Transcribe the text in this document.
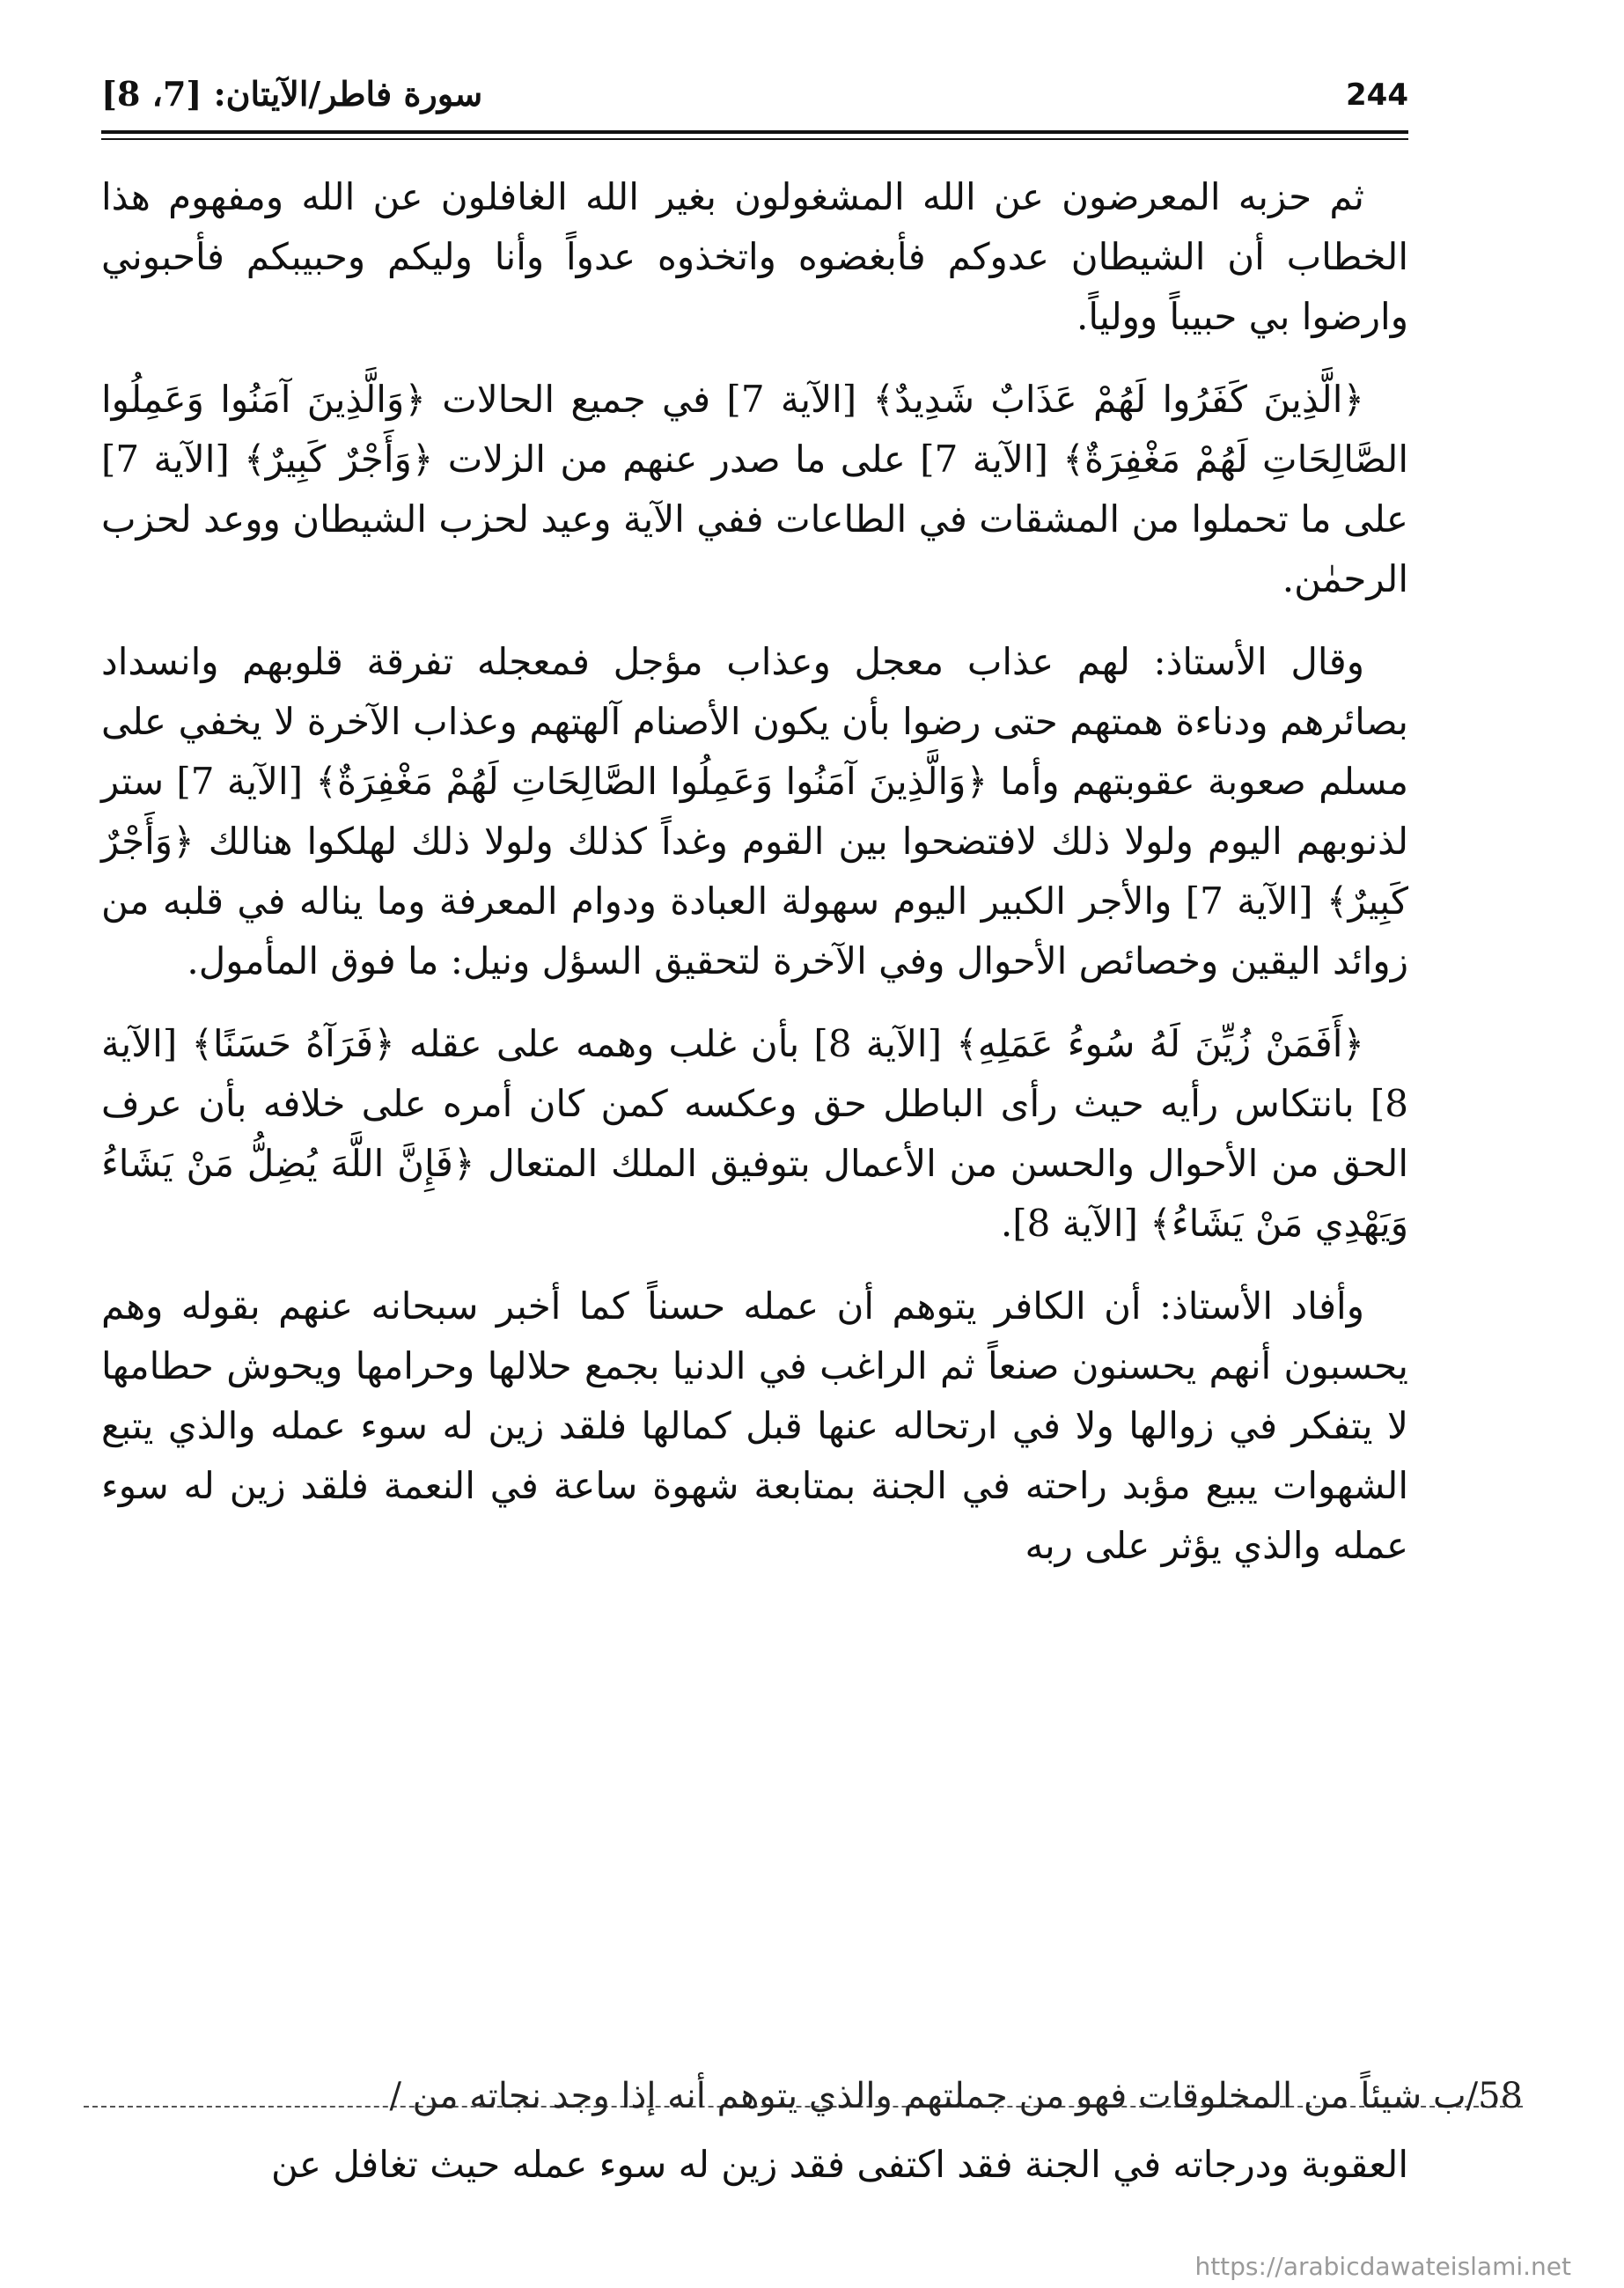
244
سورة فاطر/الآيتان: [7، 8]

ثم حزبه المعرضون عن الله المشغولون بغير الله الغافلون عن الله ومفهوم هذا الخطاب أن الشيطان عدوكم فأبغضوه واتخذوه عدواً وأنا وليكم وحبيبكم فأحبوني وارضوا بي حبيباً وولياً.

﴿الَّذِينَ كَفَرُوا لَهُمْ عَذَابٌ شَدِيدٌ﴾ [الآية 7] في جميع الحالات ﴿وَالَّذِينَ آمَنُوا وَعَمِلُوا الصَّالِحَاتِ لَهُمْ مَغْفِرَةٌ﴾ [الآية 7] على ما صدر عنهم من الزلات ﴿وَأَجْرٌ كَبِيرٌ﴾ [الآية 7] على ما تحملوا من المشقات في الطاعات ففي الآية وعيد لحزب الشيطان ووعد لحزب الرحمٰن.

وقال الأستاذ: لهم عذاب معجل وعذاب مؤجل فمعجله تفرقة قلوبهم وانسداد بصائرهم ودناءة همتهم حتى رضوا بأن يكون الأصنام آلهتهم وعذاب الآخرة لا يخفي على مسلم صعوبة عقوبتهم وأما ﴿وَالَّذِينَ آمَنُوا وَعَمِلُوا الصَّالِحَاتِ لَهُمْ مَغْفِرَةٌ﴾ [الآية 7] ستر لذنوبهم اليوم ولولا ذلك لافتضحوا بين القوم وغداً كذلك ولولا ذلك لهلكوا هنالك ﴿وَأَجْرٌ كَبِيرٌ﴾ [الآية 7] والأجر الكبير اليوم سهولة العبادة ودوام المعرفة وما يناله في قلبه من زوائد اليقين وخصائص الأحوال وفي الآخرة لتحقيق السؤل ونيل: ما فوق المأمول.

﴿أَفَمَنْ زُيِّنَ لَهُ سُوءُ عَمَلِهِ﴾ [الآية 8] بأن غلب وهمه على عقله ﴿فَرَآهُ حَسَنًا﴾ [الآية 8] بانتكاس رأيه حيث رأى الباطل حق وعكسه كمن كان أمره على خلافه بأن عرف الحق من الأحوال والحسن من الأعمال بتوفيق الملك المتعال ﴿فَإِنَّ اللَّهَ يُضِلُّ مَنْ يَشَاءُ وَيَهْدِي مَنْ يَشَاءُ﴾ [الآية 8].

وأفاد الأستاذ: أن الكافر يتوهم أن عمله حسناً كما أخبر سبحانه عنهم بقوله وهم يحسبون أنهم يحسنون صنعاً ثم الراغب في الدنيا بجمع حلالها وحرامها ويحوش حطامها لا يتفكر في زوالها ولا في ارتحاله عنها قبل كمالها فلقد زين له سوء عمله والذي يتبع الشهوات يبيع مؤبد راحته في الجنة بمتابعة شهوة ساعة في النعمة فلقد زين له سوء عمله والذي يؤثر على ربه

58/ب شيئاً من المخلوقات فهو من جملتهم والذي يتوهم أنه إذا وجد نجاته من /
العقوبة ودرجاته في الجنة فقد اكتفى فقد زين له سوء عمله حيث تغافل عن
https://arabicdawateislami.net
